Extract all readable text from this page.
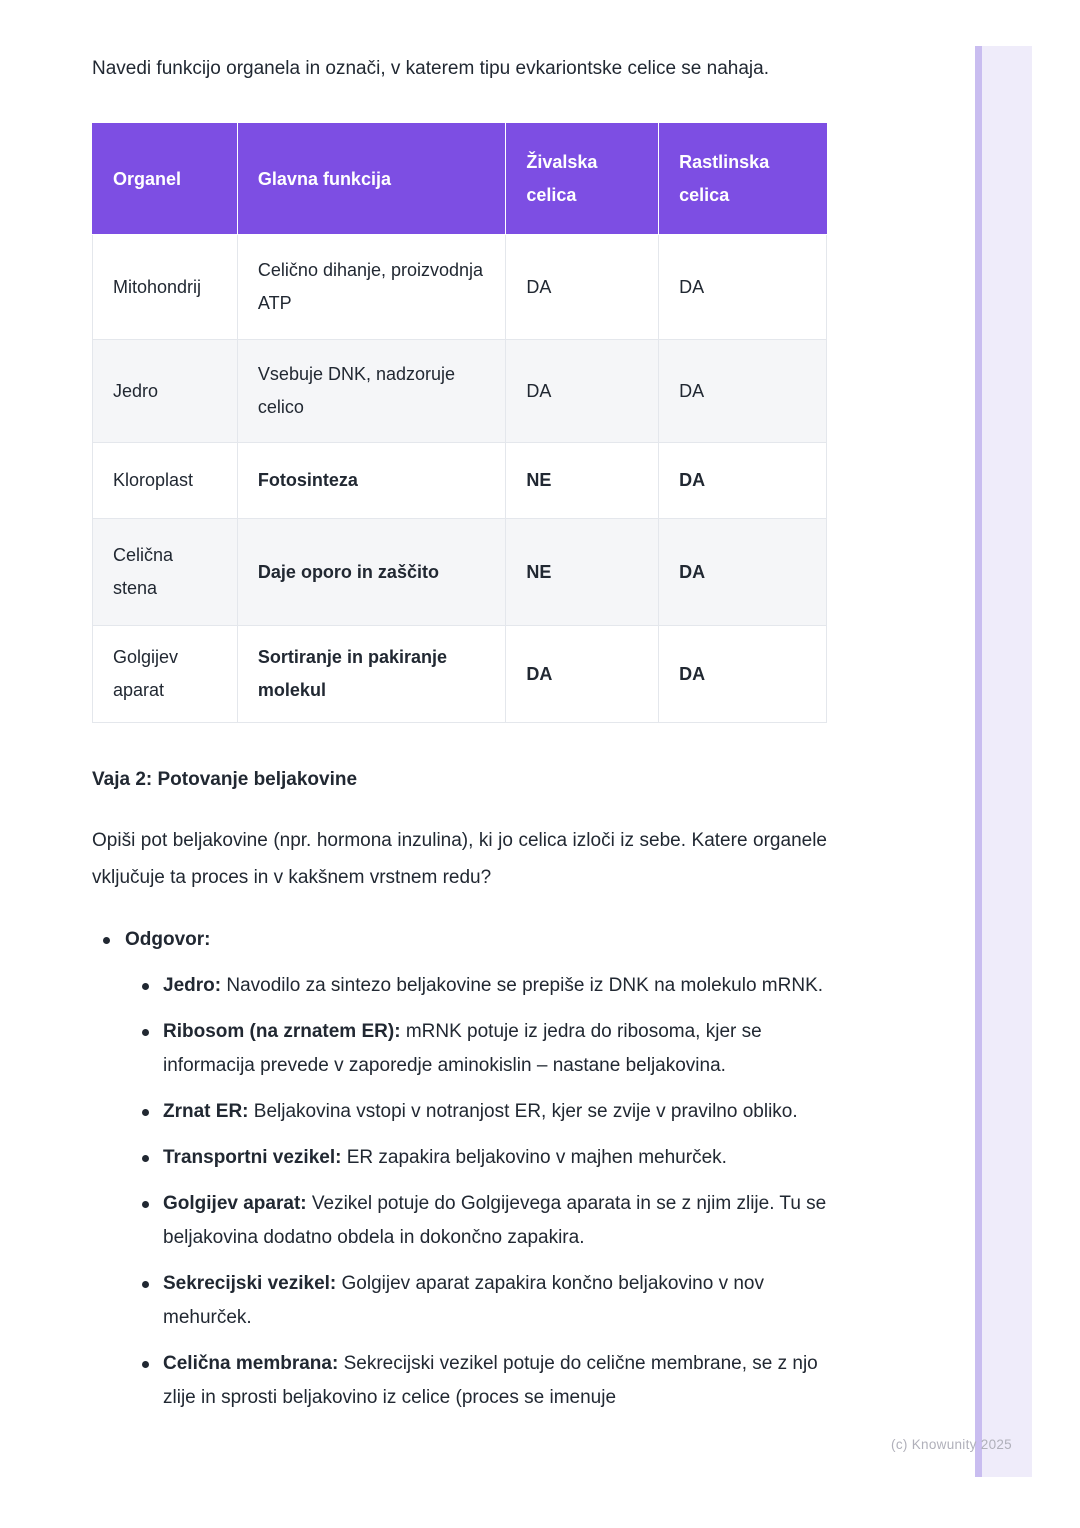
Navedi funkcijo organela in označi, v katerem tipu evkariontske celice se nahaja.

Organel	Glavna funkcija	Živalska celica	Rastlinska celica
Mitohondrij	Celično dihanje, proizvodnja ATP	DA	DA
Jedro	Vsebuje DNK, nadzoruje celico	DA	DA
Kloroplast	Fotosinteza	NE	DA
Celična stena	Daje oporo in zaščito	NE	DA
Golgijev aparat	Sortiranje in pakiranje molekul	DA	DA
Vaja 2: Potovanje beljakovine

Opiši pot beljakovine (npr. hormona inzulina), ki jo celica izloči iz sebe. Katere organele vključuje ta proces in v kakšnem vrstnem redu?

Odgovor:
Jedro: Navodilo za sintezo beljakovine se prepiše iz DNK na molekulo mRNK.
Ribosom (na zrnatem ER): mRNK potuje iz jedra do ribosoma, kjer se informacija prevede v zaporedje aminokislin – nastane beljakovina.
Zrnat ER: Beljakovina vstopi v notranjost ER, kjer se zvije v pravilno obliko.
Transportni vezikel: ER zapakira beljakovino v majhen mehurček.
Golgijev aparat: Vezikel potuje do Golgijevega aparata in se z njim zlije. Tu se beljakovina dodatno obdela in dokončno zapakira.
Sekrecijski vezikel: Golgijev aparat zapakira končno beljakovino v nov mehurček.
Celična membrana: Sekrecijski vezikel potuje do celične membrane, se z njo zlije in sprosti beljakovino iz celice (proces se imenuje
(c) Knowunity 2025
